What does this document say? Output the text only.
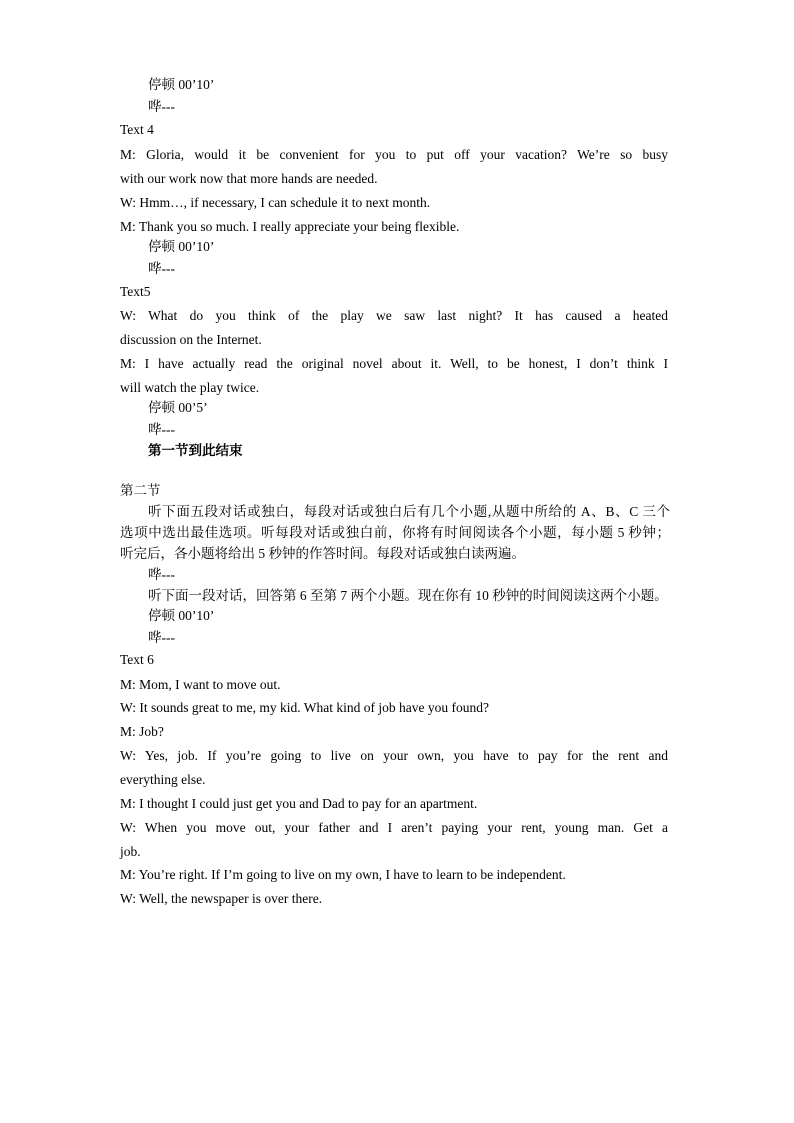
停顿 00’10’
哗---
Text 4
M: Gloria, would it be convenient for you to put off your vacation? We’re so busy
with our work now that more hands are needed.
W: Hmm…, if necessary, I can schedule it to next month.
M: Thank you so much. I really appreciate your being flexible.
停顿 00’10’
哗---
Text5
W: What do you think of the play we saw last night? It has caused a heated
discussion on the Internet.
M: I have actually read the original novel about it. Well, to be honest, I don’t think I
will watch the play twice.
停顿 00’5’
哗---
第一节到此结束
第二节
听下面五段对话或独白，每段对话或独白后有几个小题,从题中所给的 A、B、C 三个
选项中选出最佳选项。听每段对话或独白前，你将有时间阅读各个小题，每小题 5 秒钟；
听完后，各小题将给出 5 秒钟的作答时间。每段对话或独白读两遍。
哗---
听下面一段对话，回答第 6 至第 7 两个小题。现在你有 10 秒钟的时间阅读这两个小题。
停顿 00’10’
哗---
Text 6
M: Mom, I want to move out.
W: It sounds great to me, my kid. What kind of job have you found?
M: Job?
W: Yes, job. If you’re going to live on your own, you have to pay for the rent and
everything else.
M: I thought I could just get you and Dad to pay for an apartment.
W: When you move out, your father and I aren’t paying your rent, young man. Get a
job.
M: You’re right. If I’m going to live on my own, I have to learn to be independent.
W: Well, the newspaper is over there.
